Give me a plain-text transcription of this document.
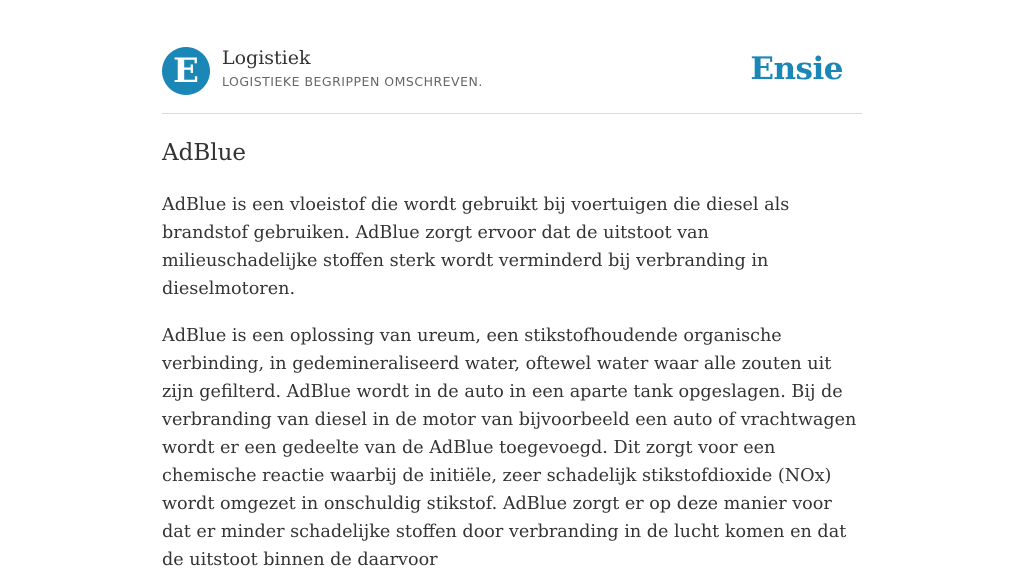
E	Logistiek
LOGISTIEKE BEGRIPPEN OMSCHREVEN.	Ensie
AdBlue

AdBlue is een vloeistof die wordt gebruikt bij voertuigen die diesel als brandstof gebruiken. AdBlue zorgt ervoor dat de uitstoot van milieuschadelijke stoffen sterk wordt verminderd bij verbranding in dieselmotoren.

AdBlue is een oplossing van ureum, een stikstofhoudende organische verbinding, in gedemineraliseerd water, oftewel water waar alle zouten uit zijn gefilterd. AdBlue wordt in de auto in een aparte tank opgeslagen. Bij de verbranding van diesel in de motor van bijvoorbeeld een auto of vrachtwagen wordt er een gedeelte van de AdBlue toegevoegd. Dit zorgt voor een chemische reactie waarbij de initiële, zeer schadelijk stikstofdioxide (NOx) wordt omgezet in onschuldig stikstof. AdBlue zorgt er op deze manier voor dat er minder schadelijke stoffen door verbranding in de lucht komen en dat de uitstoot binnen de daarvoor
